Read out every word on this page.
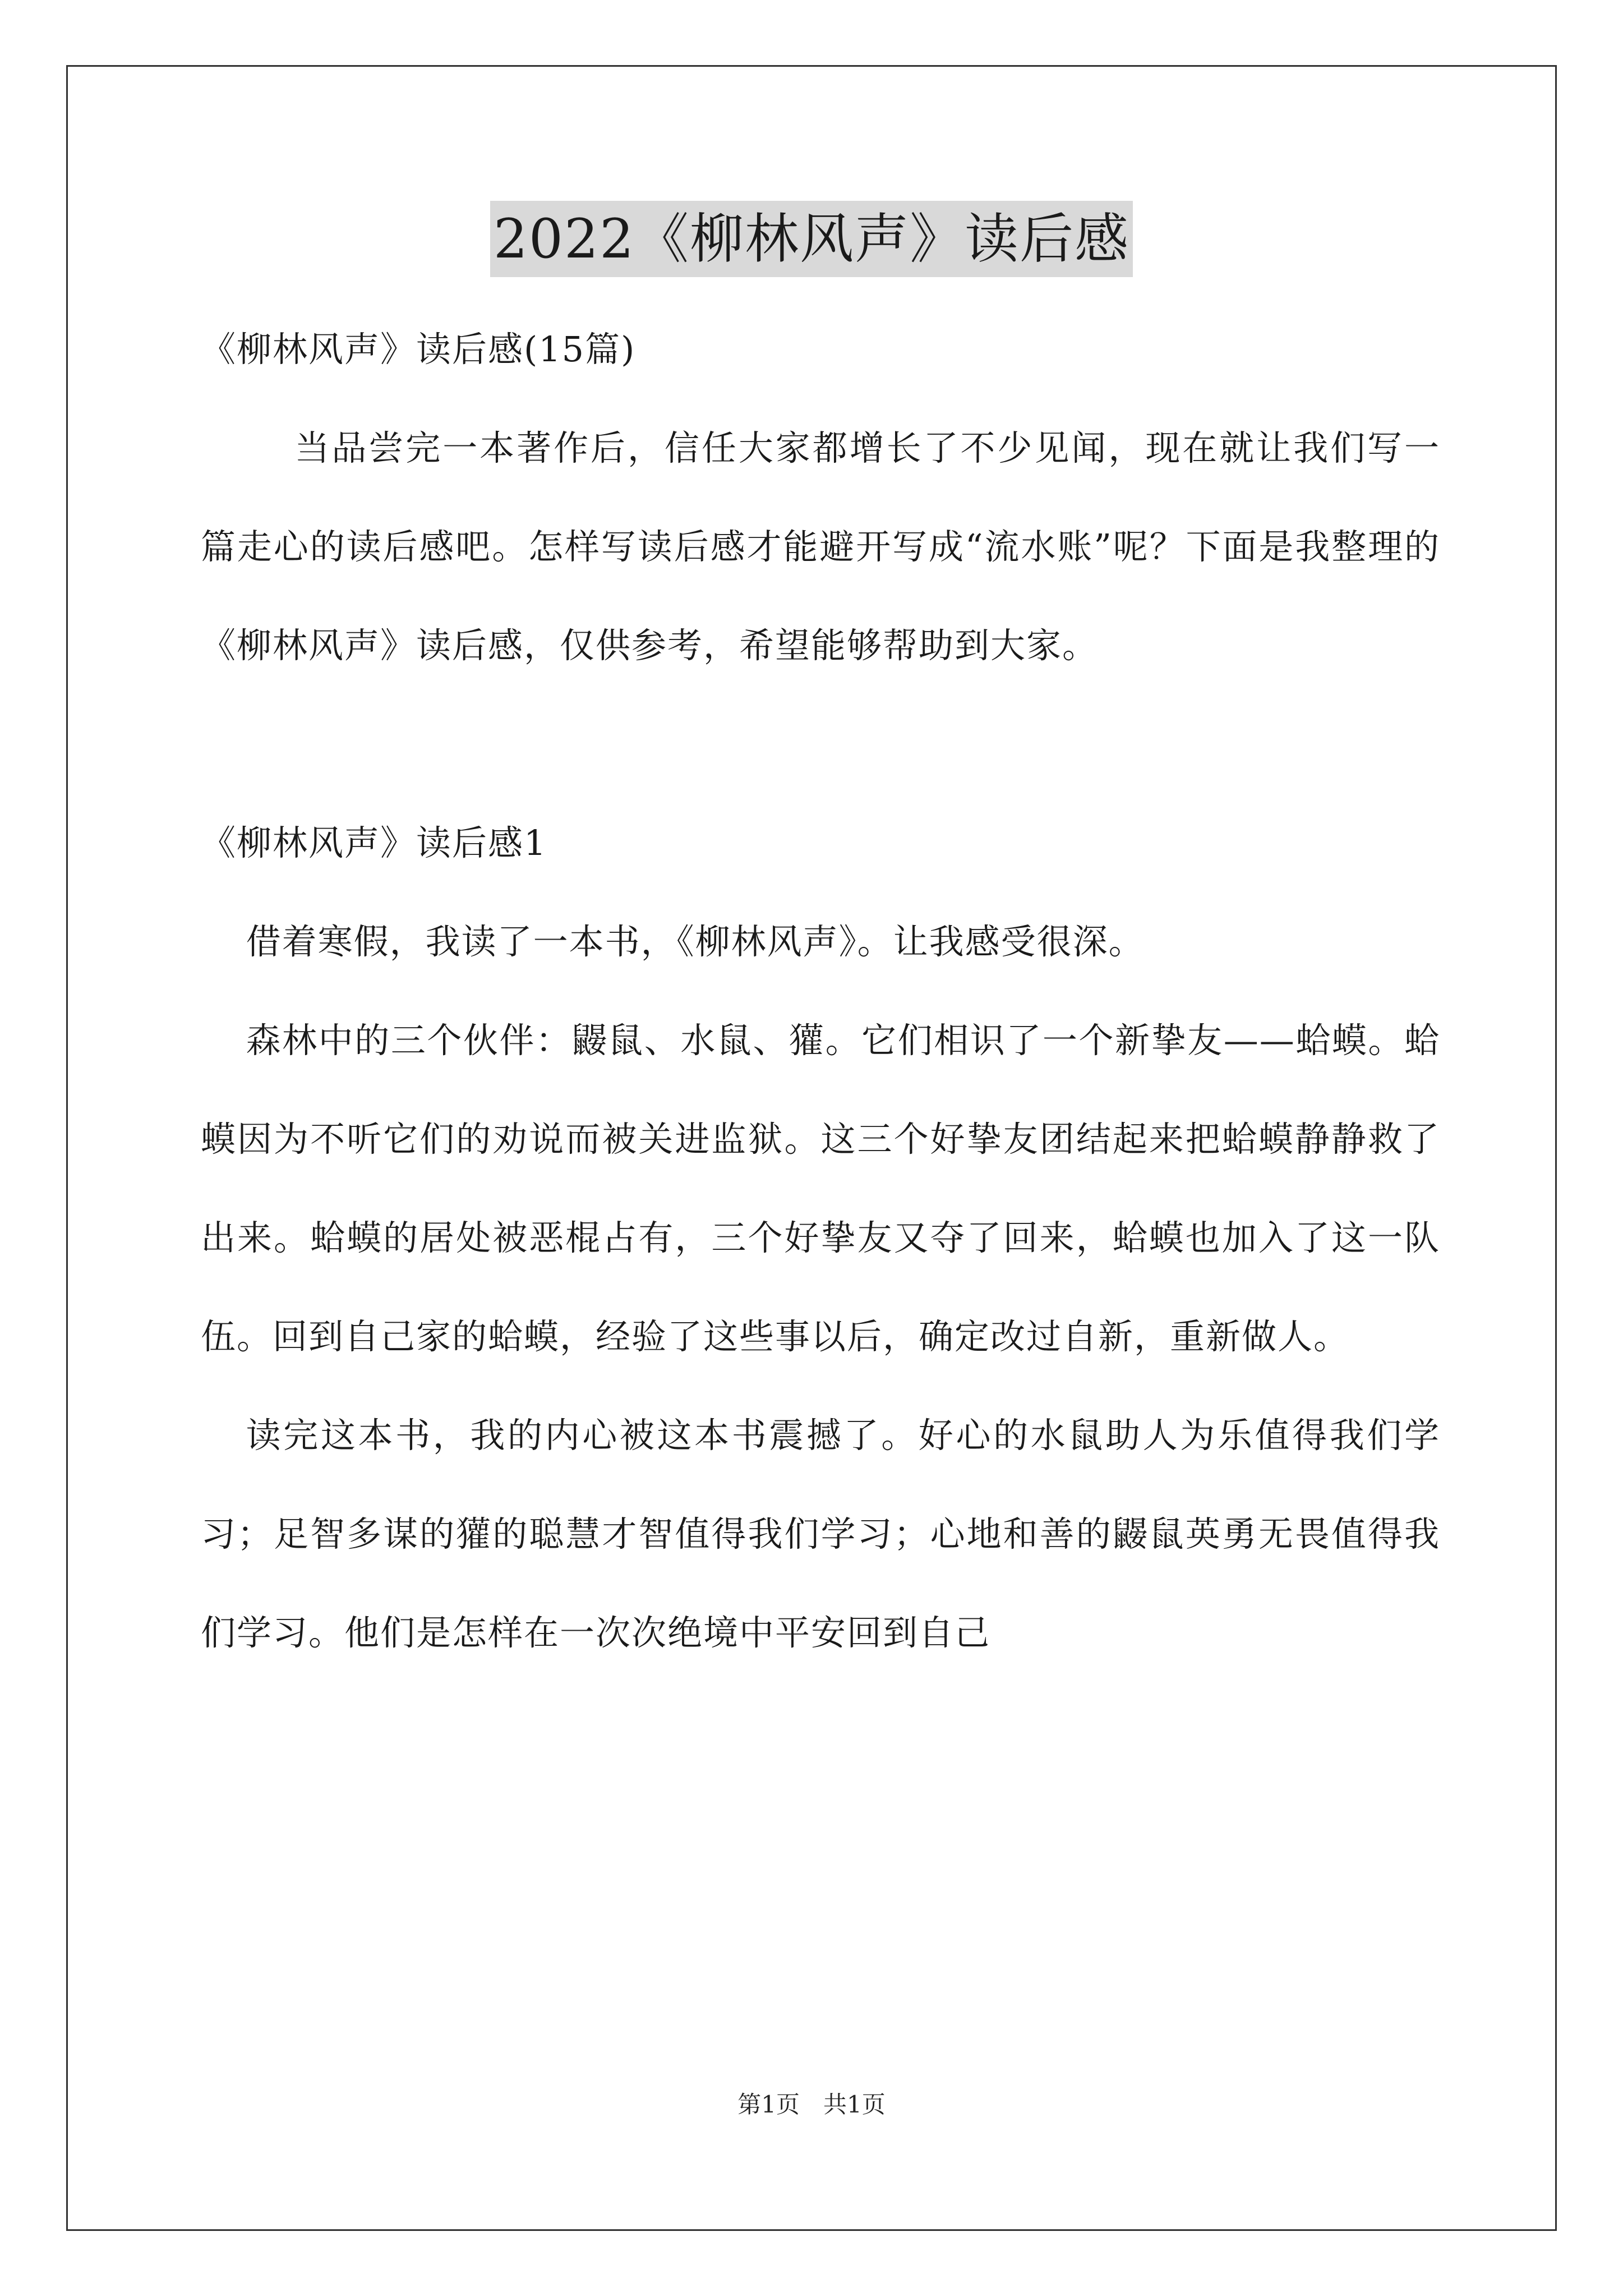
2022《柳林风声》读后感

《柳林风声》读后感(15篇)

当品尝完一本著作后，信任大家都增长了不少见闻，现在就让我们写一篇走心的读后感吧。怎样写读后感才能避开写成“流水账”呢？下面是我整理的《柳林风声》读后感，仅供参考，希望能够帮助到大家。

《柳林风声》读后感1

借着寒假，我读了一本书，《柳林风声》。让我感受很深。

森林中的三个伙伴：鼹鼠、水鼠、獾。它们相识了一个新挚友——蛤蟆。蛤蟆因为不听它们的劝说而被关进监狱。这三个好挚友团结起来把蛤蟆静静救了出来。蛤蟆的居处被恶棍占有，三个好挚友又夺了回来，蛤蟆也加入了这一队伍。回到自己家的蛤蟆，经验了这些事以后，确定改过自新，重新做人。

读完这本书，我的内心被这本书震撼了。好心的水鼠助人为乐值得我们学习；足智多谋的獾的聪慧才智值得我们学习；心地和善的鼹鼠英勇无畏值得我们学习。他们是怎样在一次次绝境中平安回到自己

第1页　共1页
